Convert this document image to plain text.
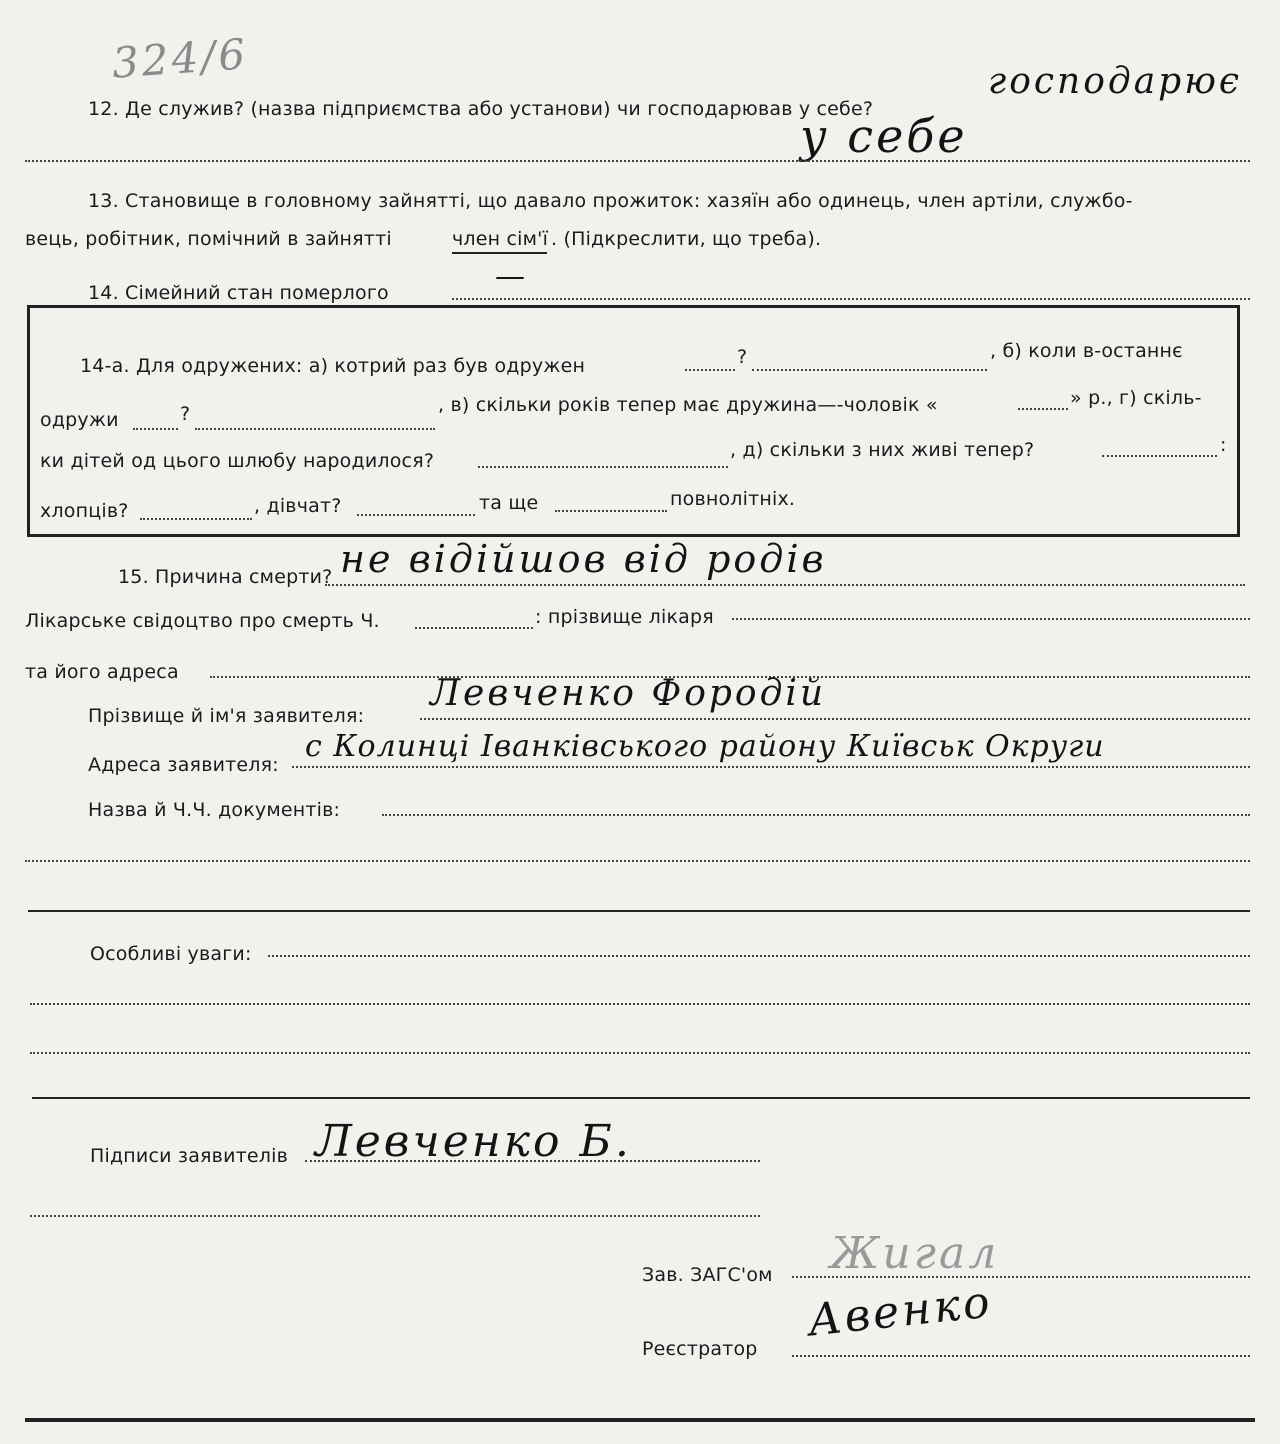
324/6
12. Де служив? (назва підприємства або установи) чи господарював у себе?
господарює
у себе
13. Становище в головному зайнятті, що давало прожиток: хазяїн або одинець, член артіли, службо-
вець, робітник, помічний в зайнятті	член сім'ї . (Підкреслити, що треба).
14. Сімейний стан померлого	—
14-а. Для одружених: а) котрий раз був одружен	?	, б) коли в-останнє
одружи	?	, в) скільки років тепер має дружина—-чоловік «	» р., г) скіль-
ки дітей од цього шлюбу народилося?	, д) скільки з них живі тепер?	:
хлопців?	, дівчат?	та ще	повнолітніх.
15. Причина смерти? не відійшов від родів
Лікарське свідоцтво про смерть Ч.	: прізвище лікаря
та його адреса
Прізвище й ім'я заявителя:
Левченко Фородій
Адреса заявителя:
с Колинці Іванківського району Київськ Округи
Назва й Ч.Ч. документів:
Особливі уваги:
Підписи заявителів Левченко Б.
Зав. ЗАГС'ом Жигал
Реєстратор
Авенко
